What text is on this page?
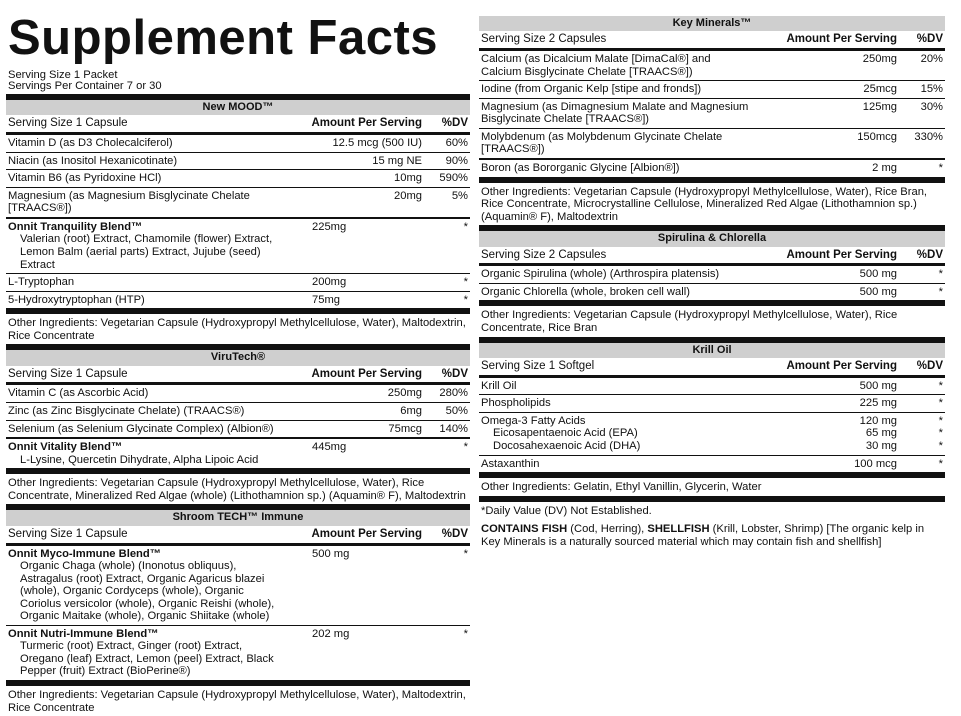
Supplement Facts
Serving Size 1 Packet
Servings Per Container 7 or 30
New MOOD™
Serving Size 1 Capsule	Amount Per Serving	%DV
Vitamin D (as D3 Cholecalciferol)	12.5 mcg (500 IU)	60%
Niacin (as Inositol Hexanicotinate)	15 mg NE	90%
Vitamin B6 (as Pyridoxine HCl)	10mg	590%
Magnesium (as Magnesium Bisglycinate Chelate [TRAACS®])
20mg	5%
Onnit Tranquility Blend™

Valerian (root) Extract, Chamomile (flower) Extract, Lemon Balm (aerial parts) Extract, Jujube (seed) Extract
225mg	*
L-Tryptophan	200mg	*
5-Hydroxytryptophan (HTP)	75mg	*
Other Ingredients: Vegetarian Capsule (Hydroxypropyl Methylcellulose, Water), Maltodextrin, Rice Concentrate
ViruTech®
Serving Size 1 Capsule	Amount Per Serving	%DV
Vitamin C (as Ascorbic Acid)	250mg	280%
Zinc (as Zinc Bisglycinate Chelate) (TRAACS®)	6mg	50%
Selenium (as Selenium Glycinate Complex) (Albion®)	75mcg	140%
Onnit Vitality Blend™

L-Lysine, Quercetin Dihydrate, Alpha Lipoic Acid
445mg	*
Other Ingredients: Vegetarian Capsule (Hydroxypropyl Methylcellulose, Water), Rice Concentrate, Mineralized Red Algae (whole) (Lithothamnion sp.) (Aquamin® F), Maltodextrin
Shroom TECH™ Immune
Serving Size 1 Capsule	Amount Per Serving	%DV
Onnit Myco-Immune Blend™

Organic Chaga (whole) (Inonotus obliquus), Astragalus (root) Extract, Organic Agaricus blazei (whole), Organic Cordyceps (whole), Organic Coriolus versicolor (whole), Organic Reishi (whole), Organic Maitake (whole), Organic Shiitake (whole)
500 mg	*
Onnit Nutri-Immune Blend™

Turmeric (root) Extract, Ginger (root) Extract, Oregano (leaf) Extract, Lemon (peel) Extract, Black Pepper (fruit) Extract (BioPerine®)
202 mg	*
Other Ingredients: Vegetarian Capsule (Hydroxypropyl Methylcellulose, Water), Maltodextrin, Rice Concentrate
Key Minerals™
Serving Size 2 Capsules	Amount Per Serving	%DV
Calcium (as Dicalcium Malate [DimaCal®] and Calcium Bisglycinate Chelate [TRAACS®])
250mg	20%
Iodine (from Organic Kelp [stipe and fronds])	25mcg	15%
Magnesium (as Dimagnesium Malate and Magnesium Bisglycinate Chelate [TRAACS®])
125mg	30%
Molybdenum (as Molybdenum Glycinate Chelate [TRAACS®])
150mcg	330%
Boron (as Bororganic Glycine [Albion®])	2 mg	*
Other Ingredients: Vegetarian Capsule (Hydroxypropyl Methylcellulose, Water), Rice Bran, Rice Concentrate, Microcrystalline Cellulose, Mineralized Red Algae (Lithothamnion sp.) (Aquamin® F), Maltodextrin
Spirulina & Chlorella
Serving Size 2 Capsules	Amount Per Serving	%DV
Organic Spirulina (whole) (Arthrospira platensis)	500 mg	*
Organic Chlorella (whole, broken cell wall)	500 mg	*
Other Ingredients: Vegetarian Capsule (Hydroxypropyl Methylcellulose, Water), Rice Concentrate, Rice Bran
Krill Oil
Serving Size 1 Softgel	Amount Per Serving	%DV
Krill Oil	500 mg	*
Phospholipids	225 mg	*
Omega-3 Fatty Acids	120 mg	*
Eicosapentaenoic Acid (EPA)	65 mg	*
Docosahexaenoic Acid (DHA)	30 mg	*
Astaxanthin	100 mcg	*
Other Ingredients: Gelatin, Ethyl Vanillin, Glycerin, Water
*Daily Value (DV) Not Established.
CONTAINS FISH (Cod, Herring), SHELLFISH (Krill, Lobster, Shrimp) [The organic kelp in Key Minerals is a naturally sourced material which may contain fish and shellfish]
